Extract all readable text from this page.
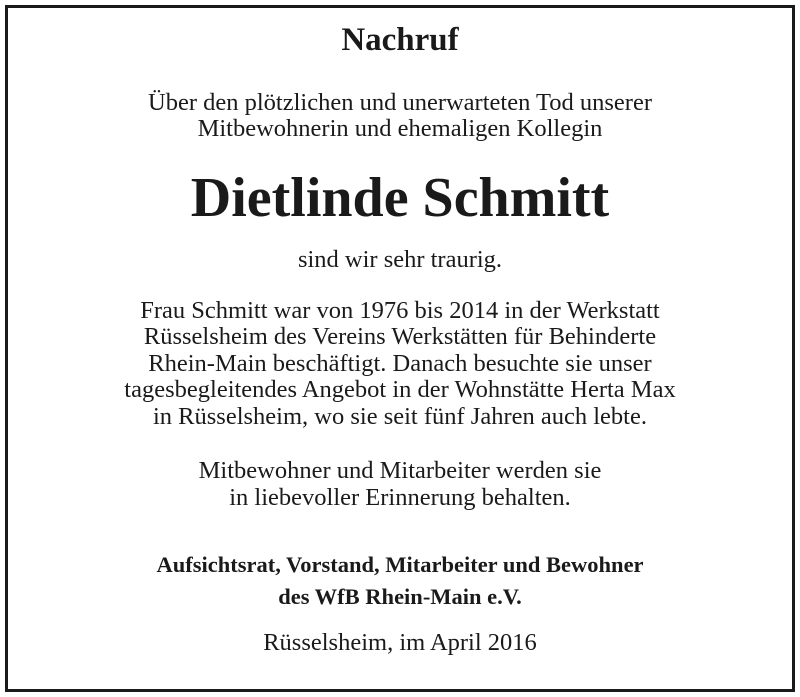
Nachruf
Über den plötzlichen und unerwarteten Tod unserer
Mitbewohnerin und ehemaligen Kollegin
Dietlinde Schmitt
sind wir sehr traurig.
Frau Schmitt war von 1976 bis 2014 in der Werkstatt
Rüsselsheim des Vereins Werkstätten für Behinderte
Rhein-Main beschäftigt. Danach besuchte sie unser
tagesbegleitendes Angebot in der Wohnstätte Herta Max
in Rüsselsheim, wo sie seit fünf Jahren auch lebte.
Mitbewohner und Mitarbeiter werden sie
in liebevoller Erinnerung behalten.
Aufsichtsrat, Vorstand, Mitarbeiter und Bewohner
des WfB Rhein-Main e.V.
Rüsselsheim, im April 2016
